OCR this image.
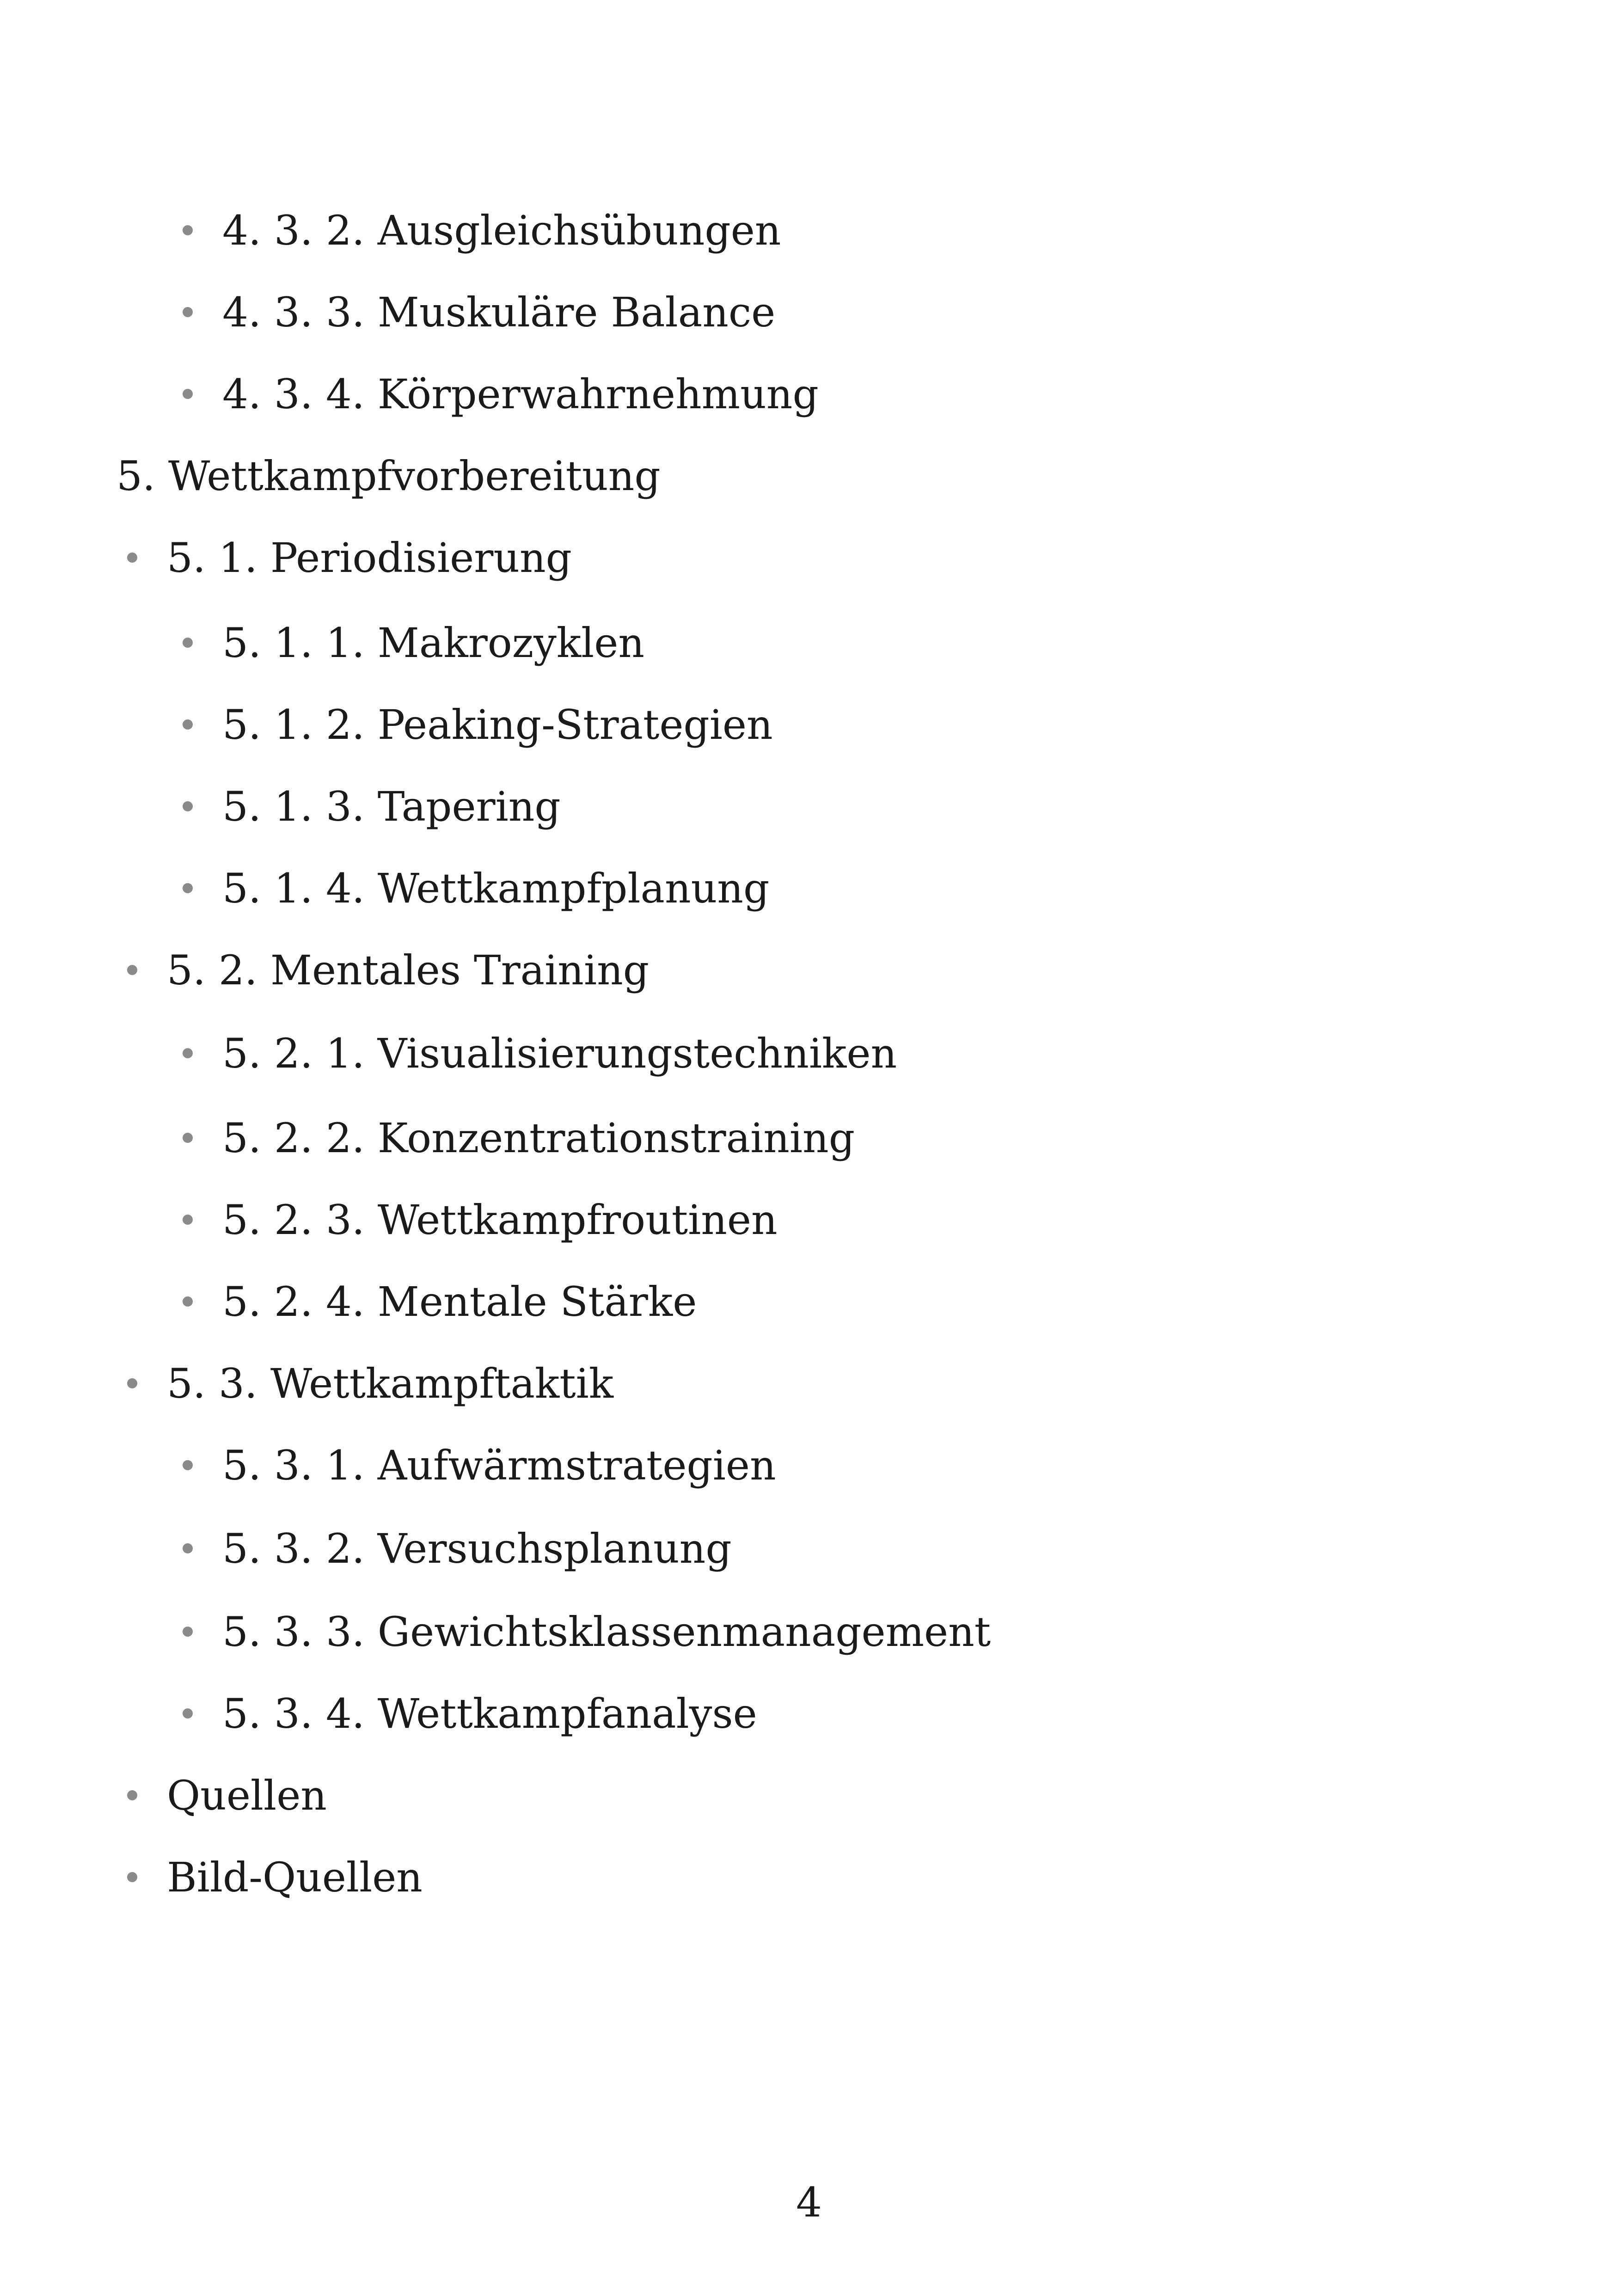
4. 3. 2. Ausgleichsübungen
4. 3. 3. Muskuläre Balance
4. 3. 4. Körperwahrnehmung
5. Wettkampfvorbereitung
5. 1. Periodisierung
5. 1. 1. Makrozyklen
5. 1. 2. Peaking-Strategien
5. 1. 3. Tapering
5. 1. 4. Wettkampfplanung
5. 2. Mentales Training
5. 2. 1. Visualisierungstechniken
5. 2. 2. Konzentrationstraining
5. 2. 3. Wettkampfroutinen
5. 2. 4. Mentale Stärke
5. 3. Wettkampftaktik
5. 3. 1. Aufwärmstrategien
5. 3. 2. Versuchsplanung
5. 3. 3. Gewichtsklassenmanagement
5. 3. 4. Wettkampfanalyse
Quellen
Bild-Quellen
4
